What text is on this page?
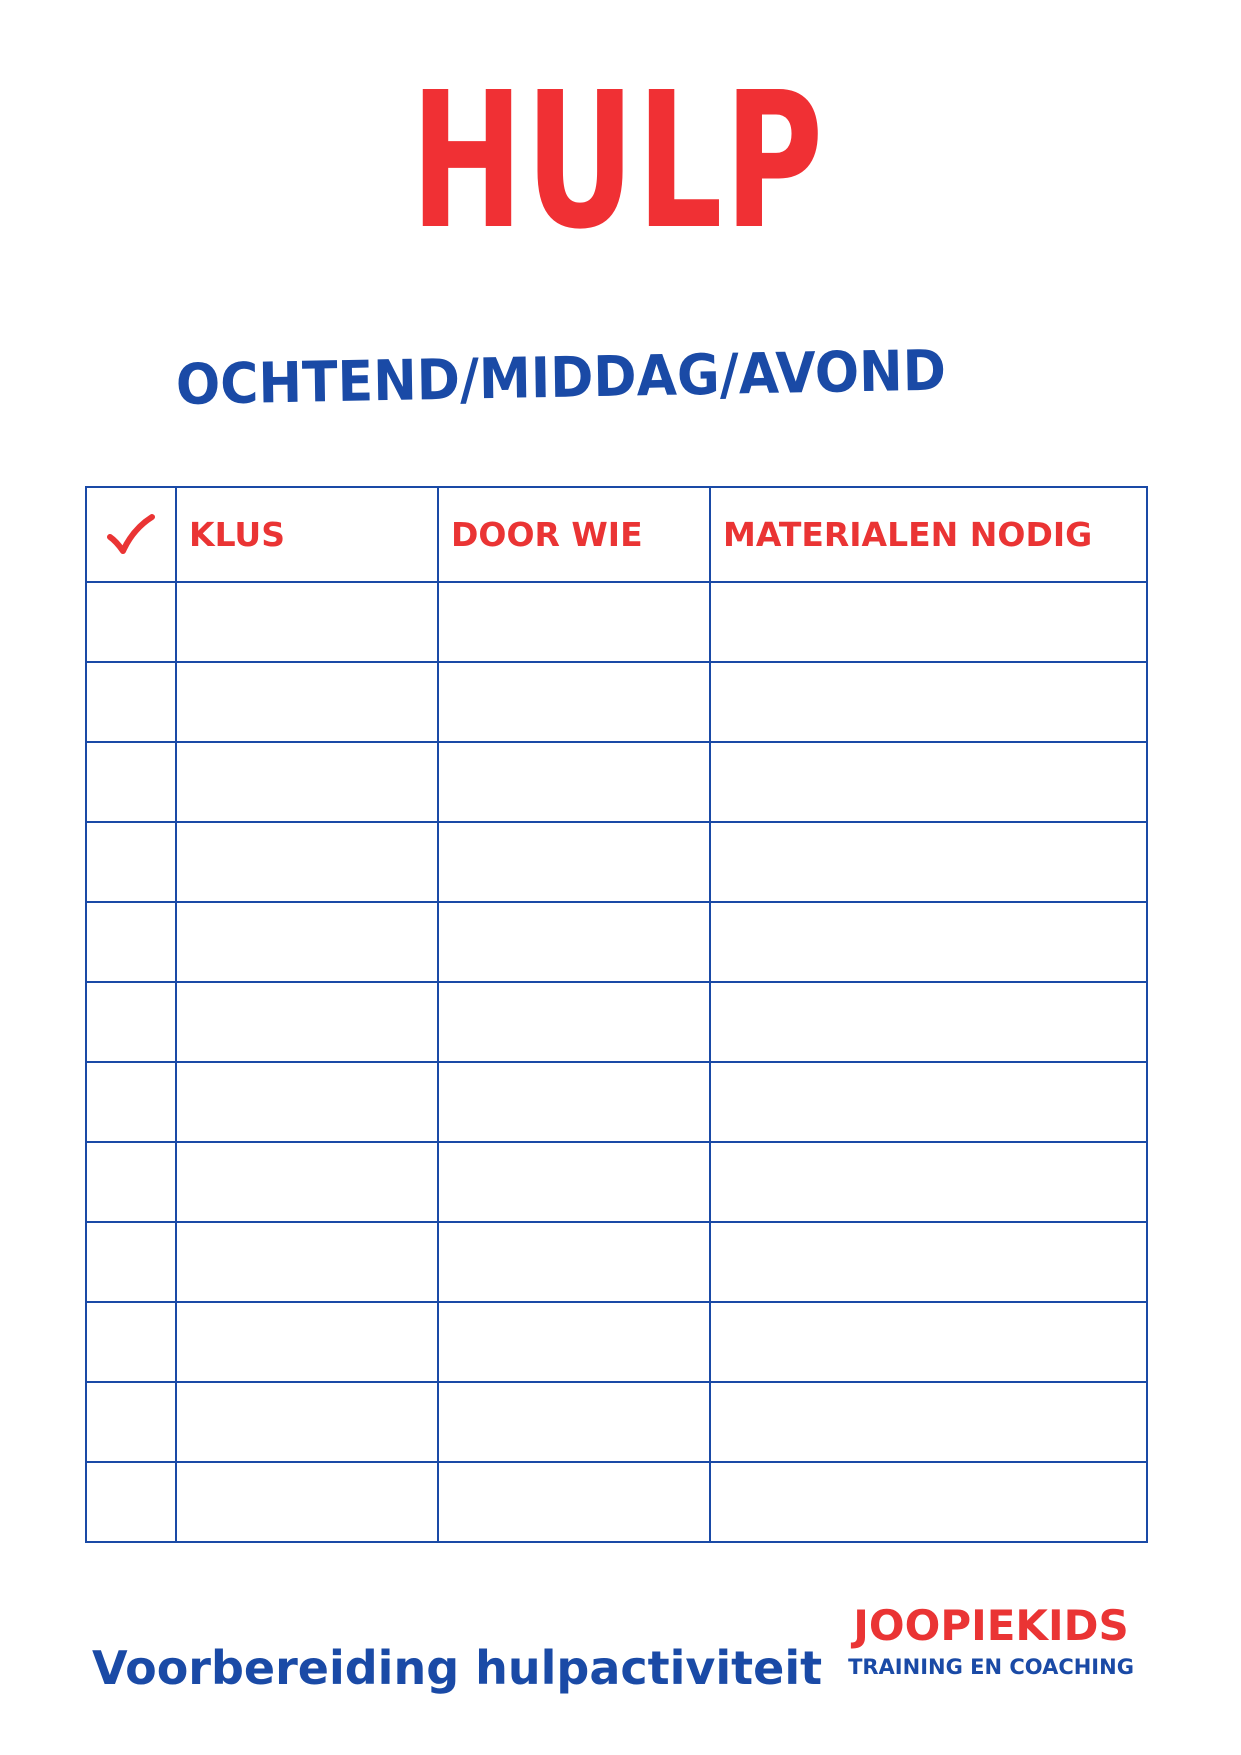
HULP
OCHTEND/MIDDAG/AVOND
	KLUS	DOOR WIE	MATERIALEN NODIG

Voorbereiding hulpactiviteit
JOOPIEKIDS
TRAINING EN COACHING
